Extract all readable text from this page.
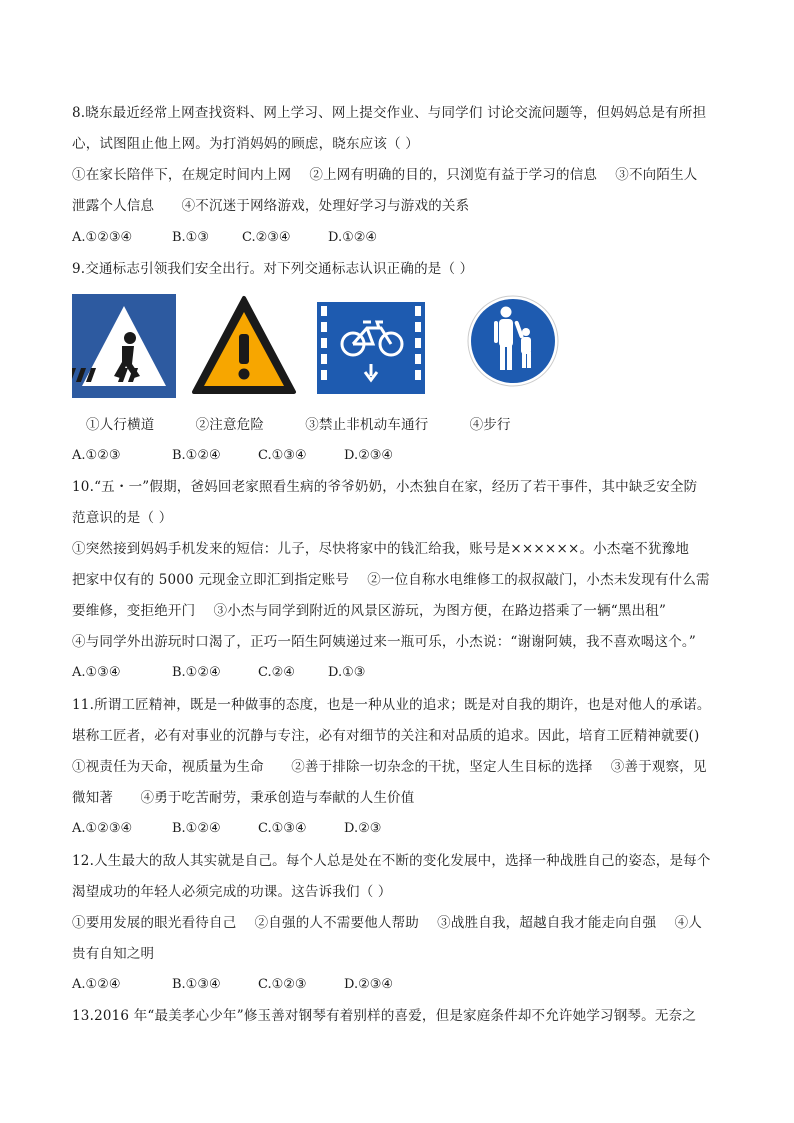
8.晓东最近经常上网查找资料、网上学习、网上提交作业、与同学们 讨论交流问题等，但妈妈总是有所担
心，试图阻止他上网。为打消妈妈的顾虑，晓东应该（ ）
①在家长陪伴下，在规定时间内上网　 ②上网有明确的目的，只浏览有益于学习的信息　 ③不向陌生人
泄露个人信息　　④不沉迷于网络游戏，处理好学习与游戏的关系
A.①②③④	B.①③	C.②③④	D.①②④
9.交通标志引领我们安全出行。对下列交通标志认识正确的是（ ）
①人行横道　　　②注意危险　　　③禁止非机动车通行　　　④步行
A.①②③	B.①②④	C.①③④	D.②③④
10.“五・一”假期，爸妈回老家照看生病的爷爷奶奶，小杰独自在家，经历了若干事件，其中缺乏安全防
范意识的是（ ）
①突然接到妈妈手机发来的短信：儿子，尽快将家中的钱汇给我，账号是××××××。小杰毫不犹豫地
把家中仅有的 5000 元现金立即汇到指定账号　 ②一位自称水电维修工的叔叔敲门，小杰未发现有什么需
要维修，变拒绝开门　 ③小杰与同学到附近的风景区游玩，为图方便，在路边搭乘了一辆“黑出租”
④与同学外出游玩时口渴了，正巧一陌生阿姨递过来一瓶可乐，小杰说：“谢谢阿姨，我不喜欢喝这个。”
A.①③④	B.①②④	C.②④	D.①③
11.所谓工匠精神，既是一种做事的态度，也是一种从业的追求；既是对自我的期许，也是对他人的承诺。
堪称工匠者，必有对事业的沉静与专注，必有对细节的关注和对品质的追求。因此，培育工匠精神就要()
①视责任为天命，视质量为生命　　②善于排除一切杂念的干扰，坚定人生目标的选择　 ③善于观察，见
微知著　　④勇于吃苦耐劳，秉承创造与奉献的人生价值
A.①②③④	B.①②④	C.①③④	D.②③
12.人生最大的敌人其实就是自己。每个人总是处在不断的变化发展中，选择一种战胜自己的姿态，是每个
渴望成功的年轻人必须完成的功课。这告诉我们（ ）
①要用发展的眼光看待自己　 ②自强的人不需要他人帮助　 ③战胜自我，超越自我才能走向自强　 ④人
贵有自知之明
A.①②④	B.①③④	C.①②③	D.②③④
13.2016 年“最美孝心少年”修玉善对钢琴有着别样的喜爱，但是家庭条件却不允许她学习钢琴。无奈之
